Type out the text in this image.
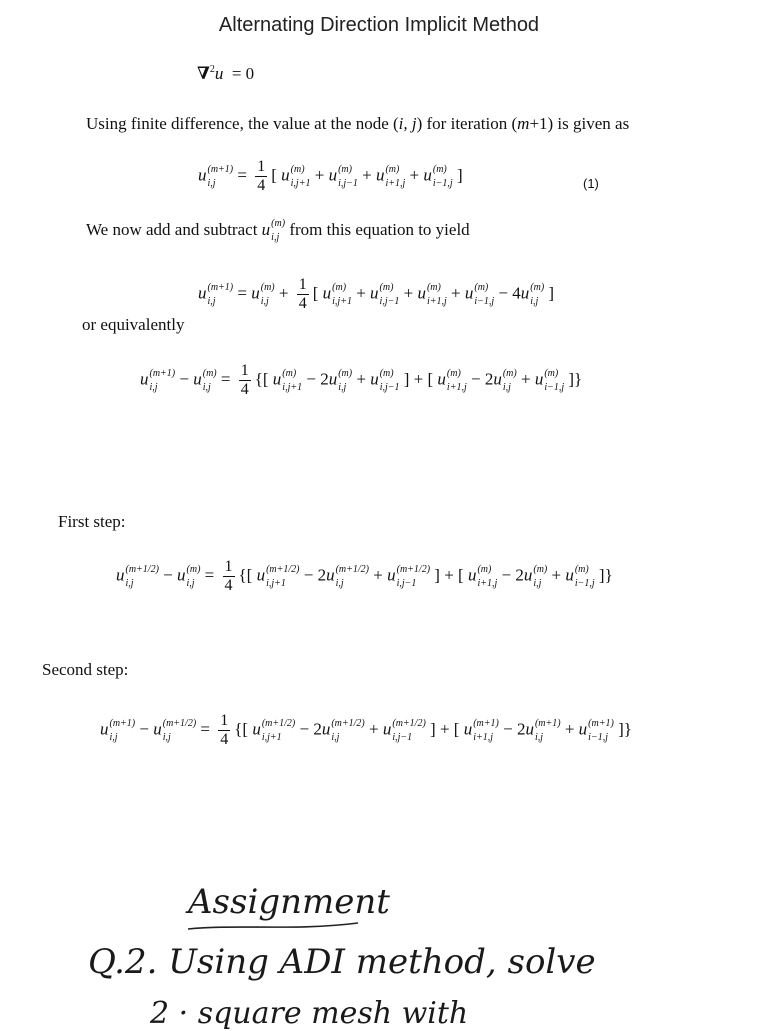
Alternating Direction Implicit Method
∇$^2$u = 0
Using finite difference, the value at the node (i, j) for iteration (m+1) is given as
u (m+1)
i,j	= $\frac{1}{4}$ [ u (m)
i,j+1 + u (m)
i,j−1 + u (m)
i+1,j + u (m)
i−1,j ]	(1)
We now add and subtract u (m)
i,j from this equation to yield
u (m+1)
i,j	= u (m)
$i,j + \frac{1}{4}$ [ u (m)
i,j+1 + u (m)
i,j−1 + u (m)
i+1,j + u (m)
i−1,j − 4u (m)
i,j ]
or equivalently
u (m+1)
i,j	− u (m)
$i,j = \frac{1}{4}$ {[ u (m)
i,j+1 − 2u (m)
i,j + u (m)
i,j−1 ] + [ u (m)
i+1,j − 2u (m)
i,j + u (m)
i−1,j ]}
First step:
u (m+1/2)
i,j	− u (m)
$i,j = \frac{1}{4}$ {[ u (m+1/2)
i,j+1 − 2u (m+1/2)
i,j	+ u (m+1/2)
i,j−1 ] + [ u (m)
i+1,j − 2u (m)
i,j + u (m)
i−1,j ]}
Second step:
u (m+1)
i,j	− u (m+1/2)
i,j	= $\frac{1}{4}$ {[ u (m+1/2)
i,j+1 − 2u (m+1/2)
i,j	+ u (m+1/2)
i,j−1 ] + [ u (m+1)
i+1,j − 2u (m+1)
i,j	+ u (m+1)
i−1,j ]}
Assignment
Q.2. Using ADI method, solve
2 · square mesh with
